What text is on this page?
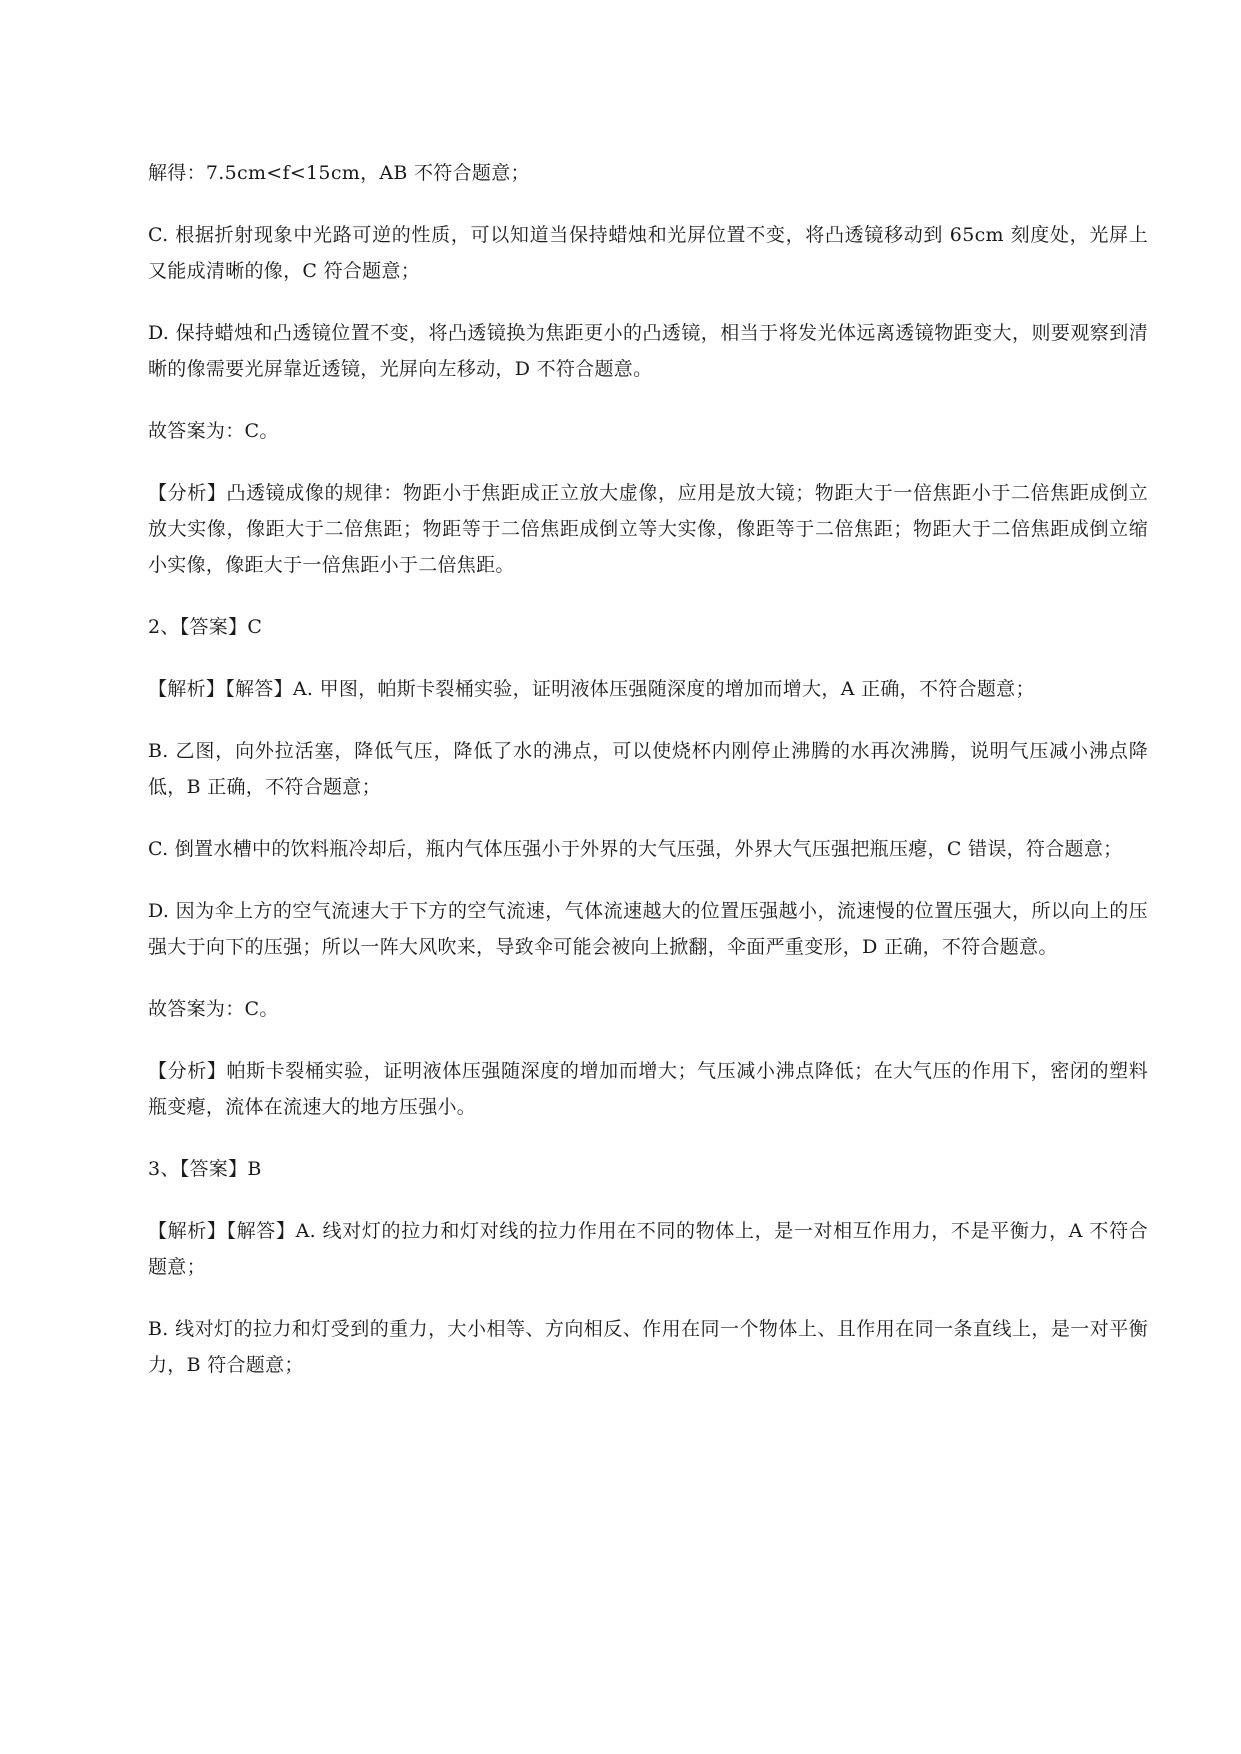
解得：7.5cm<f<15cm，AB 不符合题意；

C. 根据折射现象中光路可逆的性质，可以知道当保持蜡烛和光屏位置不变，将凸透镜移动到 65cm 刻度处，光屏上又能成清晰的像，C 符合题意；

D. 保持蜡烛和凸透镜位置不变，将凸透镜换为焦距更小的凸透镜，相当于将发光体远离透镜物距变大，则要观察到清晰的像需要光屏靠近透镜，光屏向左移动，D 不符合题意。

故答案为：C。

【分析】凸透镜成像的规律：物距小于焦距成正立放大虚像，应用是放大镜；物距大于一倍焦距小于二倍焦距成倒立放大实像，像距大于二倍焦距；物距等于二倍焦距成倒立等大实像，像距等于二倍焦距；物距大于二倍焦距成倒立缩小实像，像距大于一倍焦距小于二倍焦距。

2、【答案】C

【解析】【解答】A. 甲图，帕斯卡裂桶实验，证明液体压强随深度的增加而增大，A 正确，不符合题意；

B. 乙图，向外拉活塞，降低气压，降低了水的沸点，可以使烧杯内刚停止沸腾的水再次沸腾，说明气压减小沸点降低，B 正确，不符合题意；

C. 倒置水槽中的饮料瓶冷却后，瓶内气体压强小于外界的大气压强，外界大气压强把瓶压瘪，C 错误，符合题意；

D. 因为伞上方的空气流速大于下方的空气流速，气体流速越大的位置压强越小，流速慢的位置压强大，所以向上的压强大于向下的压强；所以一阵大风吹来，导致伞可能会被向上掀翻，伞面严重变形，D 正确，不符合题意。

故答案为：C。

【分析】帕斯卡裂桶实验，证明液体压强随深度的增加而增大；气压减小沸点降低；在大气压的作用下，密闭的塑料瓶变瘪，流体在流速大的地方压强小。

3、【答案】B

【解析】【解答】A. 线对灯的拉力和灯对线的拉力作用在不同的物体上，是一对相互作用力，不是平衡力，A 不符合题意；

B. 线对灯的拉力和灯受到的重力，大小相等、方向相反、作用在同一个物体上、且作用在同一条直线上，是一对平衡力，B 符合题意；
